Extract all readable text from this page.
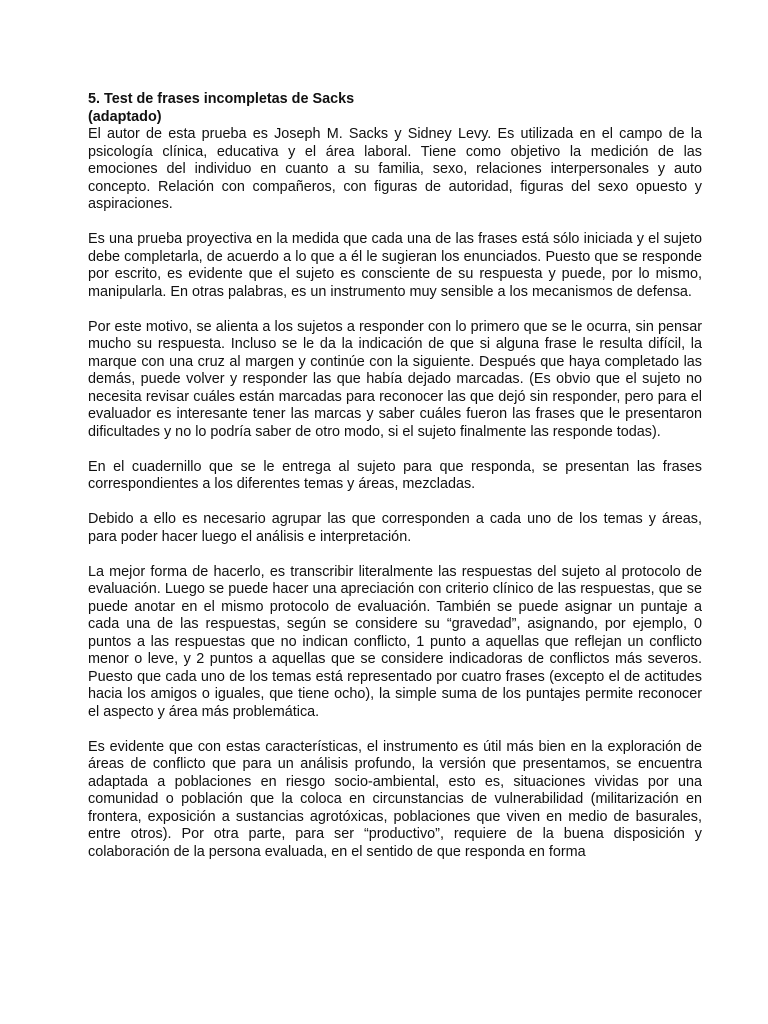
5. Test de frases incompletas de Sacks

(adaptado)

El autor de esta prueba es Joseph M. Sacks y Sidney Levy. Es utilizada en el campo de la psicología clínica, educativa y el área laboral. Tiene como objetivo la medición de las emociones del individuo en cuanto a su familia, sexo, relaciones interpersonales y auto concepto. Relación con compañeros, con figuras de autoridad, figuras del sexo opuesto y aspiraciones.

Es una prueba proyectiva en la medida que cada una de las frases está sólo iniciada y el sujeto debe completarla, de acuerdo a lo que a él le sugieran los enunciados. Puesto que se responde por escrito, es evidente que el sujeto es consciente de su respuesta y puede, por lo mismo, manipularla. En otras palabras, es un instrumento muy sensible a los mecanismos de defensa.

Por este motivo, se alienta a los sujetos a responder con lo primero que se le ocurra, sin pensar mucho su respuesta. Incluso se le da la indicación de que si alguna frase le resulta difícil, la marque con una cruz al margen y continúe con la siguiente. Después que haya completado las demás, puede volver y responder las que había dejado marcadas. (Es obvio que el sujeto no necesita revisar cuáles están marcadas para reconocer las que dejó sin responder, pero para el evaluador es interesante tener las marcas y saber cuáles fueron las frases que le presentaron dificultades y no lo podría saber de otro modo, si el sujeto finalmente las responde todas).

En el cuadernillo que se le entrega al sujeto para que responda, se presentan las frases correspondientes a los diferentes temas y áreas, mezcladas.

Debido a ello es necesario agrupar las que corresponden a cada uno de los temas y áreas, para poder hacer luego el análisis e interpretación.

La mejor forma de hacerlo, es transcribir literalmente las respuestas del sujeto al protocolo de evaluación. Luego se puede hacer una apreciación con criterio clínico de las respuestas, que se puede anotar en el mismo protocolo de evaluación. También se puede asignar un puntaje a cada una de las respuestas, según se considere su “gravedad”, asignando, por ejemplo, 0 puntos a las respuestas que no indican conflicto, 1 punto a aquellas que reflejan un conflicto menor o leve, y 2 puntos a aquellas que se considere indicadoras de conflictos más severos. Puesto que cada uno de los temas está representado por cuatro frases (excepto el de actitudes hacia los amigos o iguales, que tiene ocho), la simple suma de los puntajes permite reconocer el aspecto y área más problemática.

Es evidente que con estas características, el instrumento es útil más bien en la exploración de áreas de conflicto que para un análisis profundo, la versión que presentamos, se encuentra adaptada a poblaciones en riesgo socio-ambiental, esto es, situaciones vividas por una comunidad o población que la coloca en circunstancias de vulnerabilidad (militarización en frontera, exposición a sustancias agrotóxicas, poblaciones que viven en medio de basurales, entre otros). Por otra parte, para ser “productivo”, requiere de la buena disposición y colaboración de la persona evaluada, en el sentido de que responda en forma
